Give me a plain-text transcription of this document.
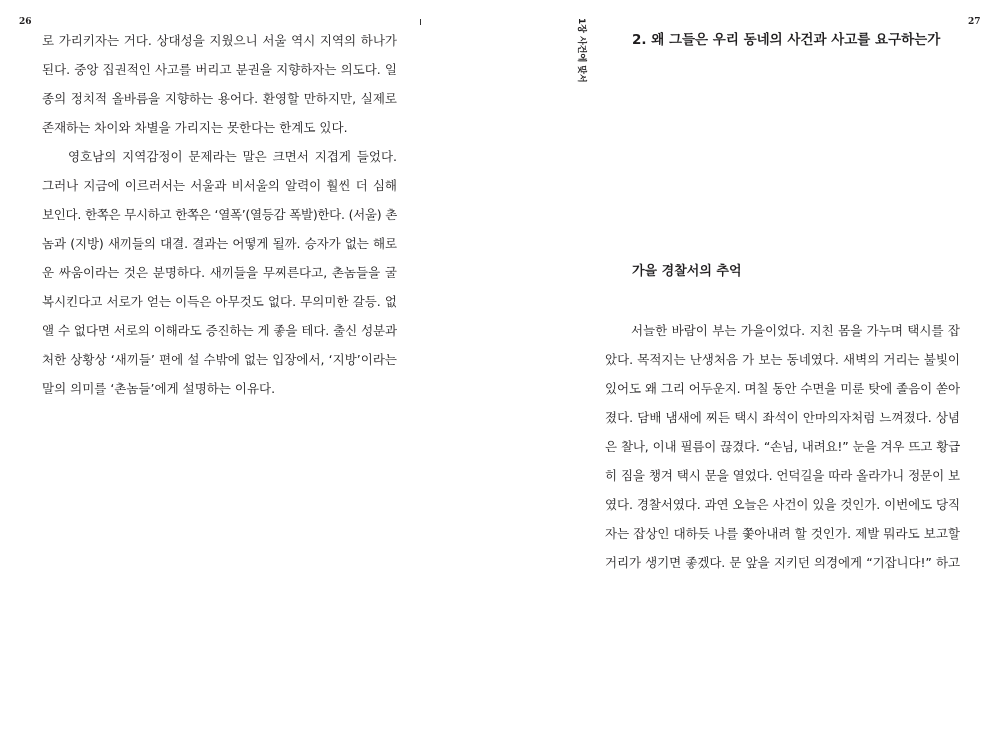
26
로 가리키자는 거다. 상대성을 지웠으니 서울 역시 지역의 하나가
된다. 중앙 집권적인 사고를 버리고 분권을 지향하자는 의도다. 일
종의 정치적 올바름을 지향하는 용어다. 환영할 만하지만, 실제로
존재하는 차이와 차별을 가리지는 못한다는 한계도 있다.
영호남의 지역감정이 문제라는 말은 크면서 지겹게 들었다.
그러나 지금에 이르러서는 서울과 비서울의 알력이 훨씬 더 심해
보인다. 한쪽은 무시하고 한쪽은 ‘열폭’(열등감 폭발)한다. (서울) 촌
놈과 (지방) 새끼들의 대결. 결과는 어떻게 될까. 승자가 없는 해로
운 싸움이라는 것은 분명하다. 새끼들을 무찌른다고, 촌놈들을 굴
복시킨다고 서로가 얻는 이득은 아무것도 없다. 무의미한 갈등. 없
앨 수 없다면 서로의 이해라도 증진하는 게 좋을 테다. 출신 성분과
처한 상황상 ‘새끼들’ 편에 설 수밖에 없는 입장에서, ‘지방’이라는
말의 의미를 ‘촌놈들’에게 설명하는 이유다.
1장 사건에 맞서	27
2. 왜 그들은 우리 동네의 사건과 사고를 요구하는가
가을 경찰서의 추억
서늘한 바람이 부는 가을이었다. 지친 몸을 가누며 택시를 잡
았다. 목적지는 난생처음 가 보는 동네였다. 새벽의 거리는 불빛이
있어도 왜 그리 어두운지. 며칠 동안 수면을 미룬 탓에 졸음이 쏟아
졌다. 담배 냄새에 찌든 택시 좌석이 안마의자처럼 느껴졌다. 상념
은 찰나, 이내 필름이 끊겼다. “손님, 내려요!” 눈을 겨우 뜨고 황급
히 짐을 챙겨 택시 문을 열었다. 언덕길을 따라 올라가니 정문이 보
였다. 경찰서였다. 과연 오늘은 사건이 있을 것인가. 이번에도 당직
자는 잡상인 대하듯 나를 쫓아내려 할 것인가. 제발 뭐라도 보고할
거리가 생기면 좋겠다. 문 앞을 지키던 의경에게 “기잡니다!” 하고
